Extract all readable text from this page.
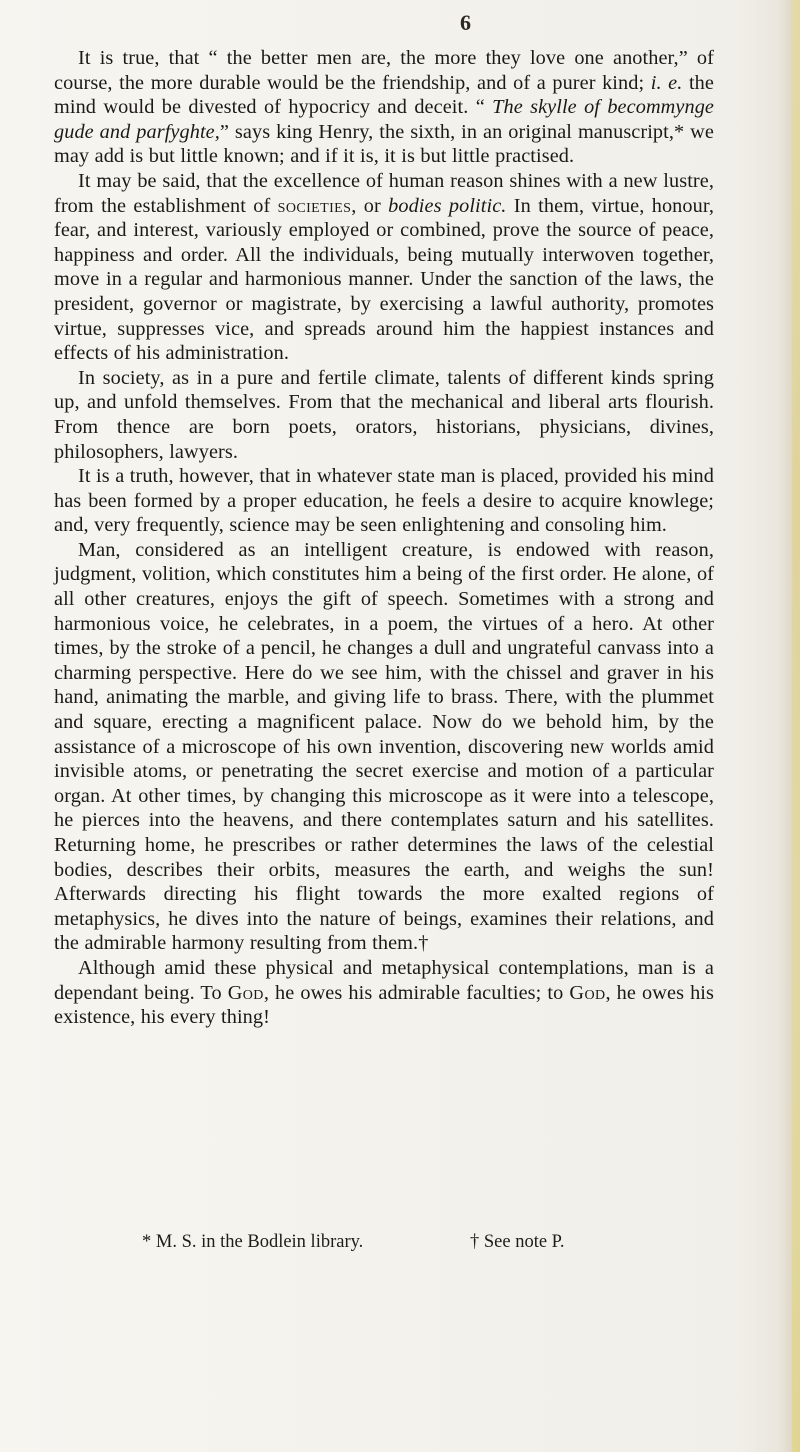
6

It is true, that “ the better men are, the more they love one another,” of course, the more durable would be the friendship, and of a purer kind; i. e. the mind would be divested of hypocricy and deceit. “ The skylle of becommynge gude and parfyghte,” says king Henry, the sixth, in an original manuscript,* we may add is but little known; and if it is, it is but little practised.

It may be said, that the excellence of human reason shines with a new lustre, from the establishment of societies, or bodies politic. In them, virtue, honour, fear, and interest, variously employed or combined, prove the source of peace, happiness and order. All the individuals, being mutually interwoven together, move in a regular and harmonious manner. Under the sanction of the laws, the president, governor or magistrate, by exercising a lawful authority, promotes virtue, suppresses vice, and spreads around him the happiest instances and effects of his administration.

In society, as in a pure and fertile climate, talents of different kinds spring up, and unfold themselves. From that the mechanical and liberal arts flourish. From thence are born poets, orators, historians, physicians, divines, philosophers, lawyers.

It is a truth, however, that in whatever state man is placed, provided his mind has been formed by a proper education, he feels a desire to acquire knowlege; and, very frequently, science may be seen enlightening and consoling him.

Man, considered as an intelligent creature, is endowed with reason, judgment, volition, which constitutes him a being of the first order. He alone, of all other creatures, enjoys the gift of speech. Sometimes with a strong and harmonious voice, he celebrates, in a poem, the virtues of a hero. At other times, by the stroke of a pencil, he changes a dull and ungrateful canvass into a charming perspective. Here do we see him, with the chissel and graver in his hand, animating the marble, and giving life to brass. There, with the plummet and square, erecting a magnificent palace. Now do we behold him, by the assistance of a microscope of his own invention, discovering new worlds amid invisible atoms, or penetrating the secret exercise and motion of a particular organ. At other times, by changing this microscope as it were into a telescope, he pierces into the heavens, and there contemplates saturn and his satellites. Returning home, he prescribes or rather determines the laws of the celestial bodies, describes their orbits, measures the earth, and weighs the sun! Afterwards directing his flight towards the more exalted regions of metaphysics, he dives into the nature of beings, examines their relations, and the admirable harmony resulting from them.†

Although amid these physical and metaphysical contemplations, man is a dependant being. To God, he owes his admirable faculties; to God, he owes his existence, his every thing!

* M. S. in the Bodlein library.	† See note P.
